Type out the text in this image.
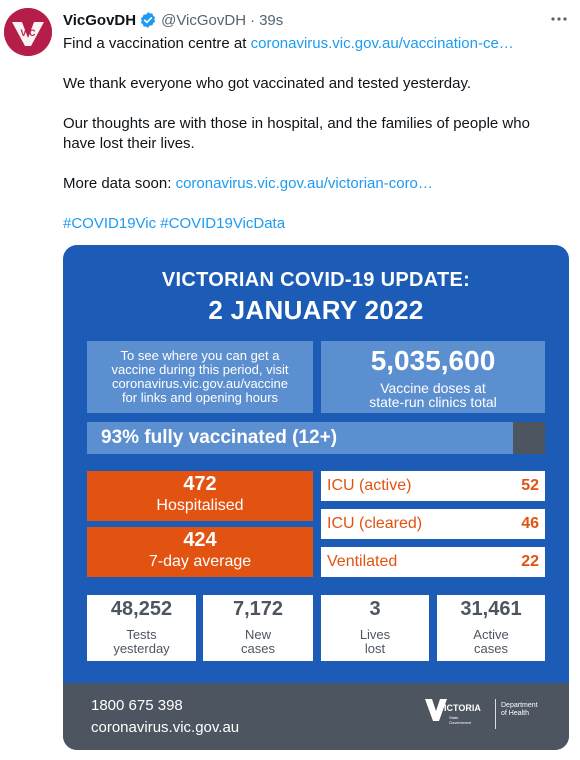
VIC
VicGovDH @VicGovDH · 39s

Find a vaccination centre at coronavirus.vic.gov.au/vaccination-ce…

We thank everyone who got vaccinated and tested yesterday.

Our thoughts are with those in hospital, and the families of people who have lost their lives.

More data soon: coronavirus.vic.gov.au/victorian-coro…

#COVID19Vic #COVID19VicData

VICTORIAN COVID-19 UPDATE:
2 JANUARY 2022
To see where you can get a
vaccine during this period, visit
coronavirus.vic.gov.au/vaccine
for links and opening hours
5,035,600
Vaccine doses at
state-run clinics total
93% fully vaccinated (12+)
472
Hospitalised
424
7-day average
ICU (active)	52
ICU (cleared)	46
Ventilated	22
48,252
Tests
yesterday
7,172
New
cases
3
Lives
lost
31,461
Active
cases
1800 675 398
coronavirus.vic.gov.au
VICTORIA
State
Government
Department
of Health
